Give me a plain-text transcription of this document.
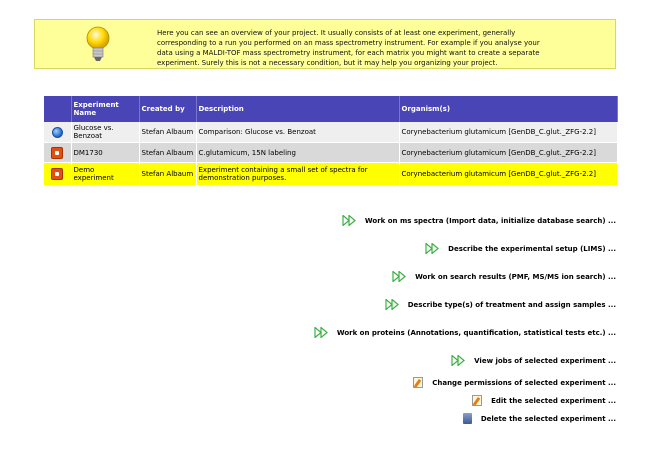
Here you can see an overview of your project. It usually consists of at least one experiment, generally corresponding to a run you performed on an mass spectrometry instrument. For example if you analyse your data using a MALDI-TOF mass spectrometry instrument, for each matrix you might want to create a separate experiment. Surely this is not a necessary condition, but it may help you organizing your project.
	Experiment Name	Created by	Description	Organism(s)
	Glucose vs. Benzoat	Stefan Albaum	Comparison: Glucose vs. Benzoat	Corynebacterium glutamicum [GenDB_C.glut._ZFG-2.2]
	DM1730	Stefan Albaum	C.glutamicum, 15N labeling	Corynebacterium glutamicum [GenDB_C.glut._ZFG-2.2]
	Demo experiment	Stefan Albaum	Experiment containing a small set of spectra for demonstration purposes.	Corynebacterium glutamicum [GenDB_C.glut._ZFG-2.2]
Work on ms spectra (Import data, initialize database search) ...
Describe the experimental setup (LIMS) ...
Work on search results (PMF, MS/MS ion search) ...
Describe type(s) of treatment and assign samples ...
Work on proteins (Annotations, quantification, statistical tests etc.) ...
View jobs of selected experiment ...
Change permissions of selected experiment ...
Edit the selected experiment ...
Delete the selected experiment ...
